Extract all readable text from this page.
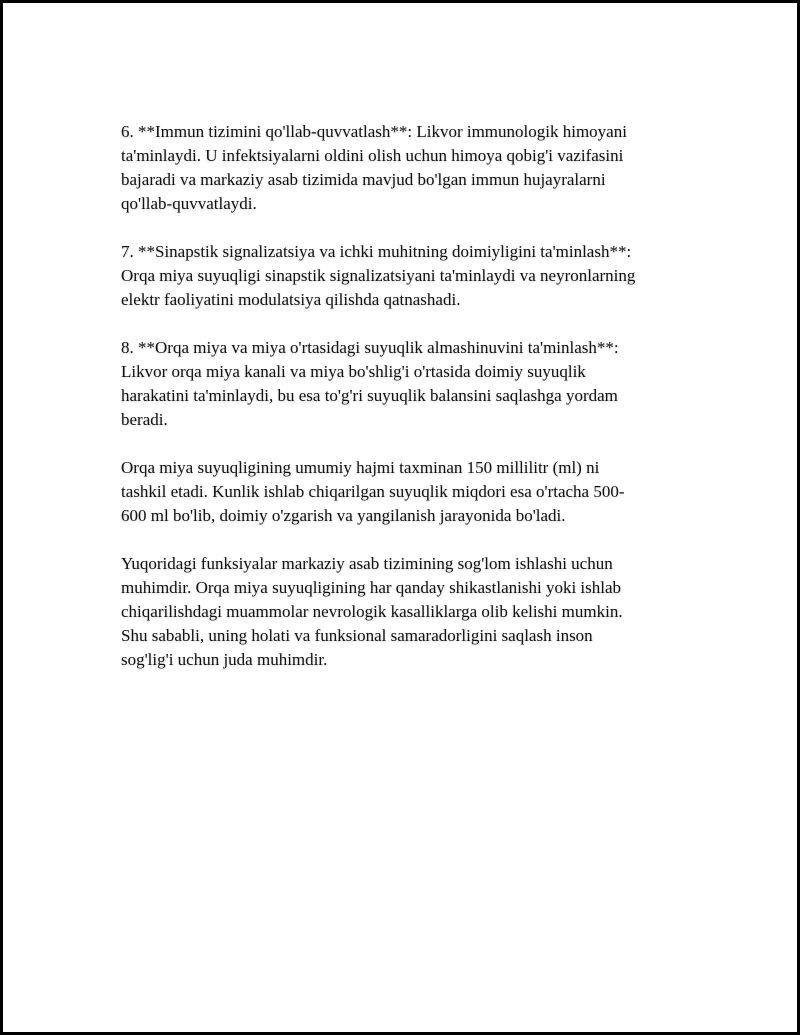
6. **Immun tizimini qo'llab-quvvatlash**: Likvor immunologik himoyani
ta'minlaydi. U infektsiyalarni oldini olish uchun himoya qobig'i vazifasini
bajaradi va markaziy asab tizimida mavjud bo'lgan immun hujayralarni
qo'llab-quvvatlaydi.

7. **Sinapstik signalizatsiya va ichki muhitning doimiyligini ta'minlash**:
Orqa miya suyuqligi sinapstik signalizatsiyani ta'minlaydi va neyronlarning
elektr faoliyatini modulatsiya qilishda qatnashadi.

8. **Orqa miya va miya o'rtasidagi suyuqlik almashinuvini ta'minlash**:
Likvor orqa miya kanali va miya bo'shlig'i o'rtasida doimiy suyuqlik
harakatini ta'minlaydi, bu esa to'g'ri suyuqlik balansini saqlashga yordam
beradi.

Orqa miya suyuqligining umumiy hajmi taxminan 150 millilitr (ml) ni
tashkil etadi. Kunlik ishlab chiqarilgan suyuqlik miqdori esa o'rtacha 500-
600 ml bo'lib, doimiy o'zgarish va yangilanish jarayonida bo'ladi.

Yuqoridagi funksiyalar markaziy asab tizimining sog'lom ishlashi uchun
muhimdir. Orqa miya suyuqligining har qanday shikastlanishi yoki ishlab
chiqarilishdagi muammolar nevrologik kasalliklarga olib kelishi mumkin.
Shu sababli, uning holati va funksional samaradorligini saqlash inson
sog'lig'i uchun juda muhimdir.
